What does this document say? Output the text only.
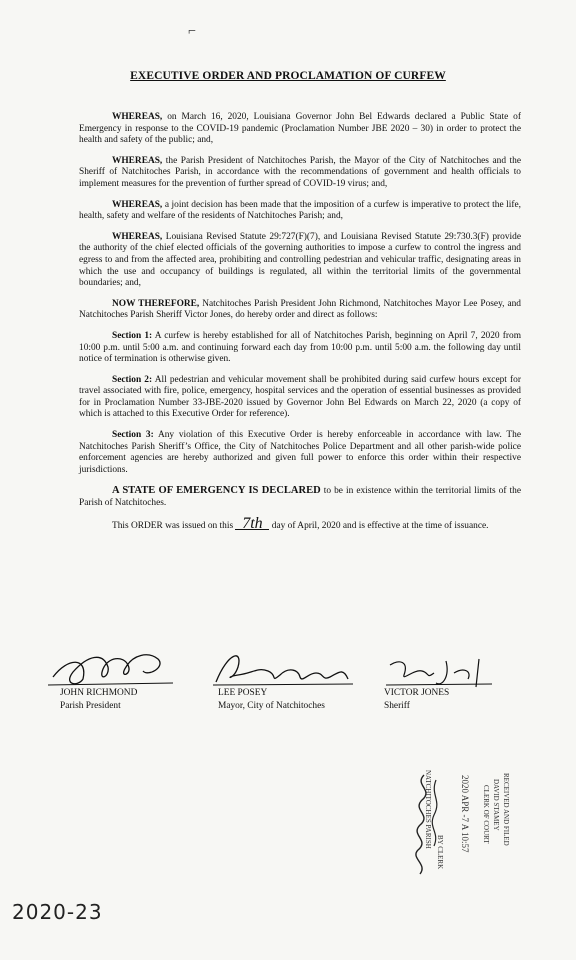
⌐
EXECUTIVE ORDER AND PROCLAMATION OF CURFEW

WHEREAS, on March 16, 2020, Louisiana Governor John Bel Edwards declared a Public State of Emergency in response to the COVID-19 pandemic (Proclamation Number JBE 2020 – 30) in order to protect the health and safety of the public; and,

WHEREAS, the Parish President of Natchitoches Parish, the Mayor of the City of Natchitoches and the Sheriff of Natchitoches Parish, in accordance with the recommendations of government and health officials to implement measures for the prevention of further spread of COVID-19 virus; and,

WHEREAS, a joint decision has been made that the imposition of a curfew is imperative to protect the life, health, safety and welfare of the residents of Natchitoches Parish; and,

WHEREAS, Louisiana Revised Statute 29:727(F)(7), and Louisiana Revised Statute 29:730.3(F) provide the authority of the chief elected officials of the governing authorities to impose a curfew to control the ingress and egress to and from the affected area, prohibiting and controlling pedestrian and vehicular traffic, designating areas in which the use and occupancy of buildings is regulated, all within the territorial limits of the governmental boundaries; and,

NOW THEREFORE, Natchitoches Parish President John Richmond, Natchitoches Mayor Lee Posey, and Natchitoches Parish Sheriff Victor Jones, do hereby order and direct as follows:

Section 1: A curfew is hereby established for all of Natchitoches Parish, beginning on April 7, 2020 from 10:00 p.m. until 5:00 a.m. and continuing forward each day from 10:00 p.m. until 5:00 a.m. the following day until notice of termination is otherwise given.

Section 2: All pedestrian and vehicular movement shall be prohibited during said curfew hours except for travel associated with fire, police, emergency, hospital services and the operation of essential businesses as provided for in Proclamation Number 33-JBE-2020 issued by Governor John Bel Edwards on March 22, 2020 (a copy of which is attached to this Executive Order for reference).

Section 3: Any violation of this Executive Order is hereby enforceable in accordance with law. The Natchitoches Parish Sheriff’s Office, the City of Natchitoches Police Department and all other parish-wide police enforcement agencies are hereby authorized and given full power to enforce this order within their respective jurisdictions.

A STATE OF EMERGENCY IS DECLARED to be in existence within the territorial limits of the Parish of Natchitoches.

This ORDER was issued on this 7th day of April, 2020 and is effective at the time of issuance.

JOHN RICHMOND
Parish President
LEE POSEY
Mayor, City of Natchitoches
VICTOR JONES
Sheriff
RECEIVED AND FILED
DAVID STAMEY
CLERK OF COURT
2020 APR -7 A 10:57
NATCHITOCHES PARISH
BY CLERK
2020-23
